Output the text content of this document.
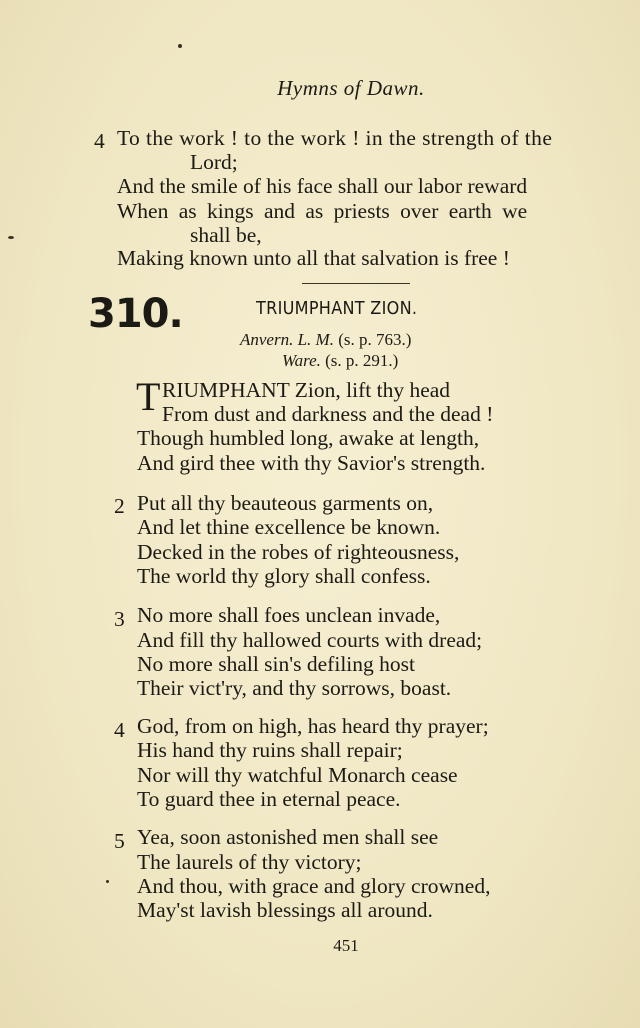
Hymns of Dawn.
4 To the work ! to the work ! in the strength of the
Lord;
And the smile of his face shall our labor reward
When as kings and as priests over earth we
shall be,
Making known unto all that salvation is free !
310.	TRIUMPHANT ZION.
Anvern. L. M. (s. p. 763.)
Ware. (s. p. 291.)
T RIUMPHANT Zion, lift thy head
From dust and darkness and the dead !
Though humbled long, awake at length,
And gird thee with thy Savior's strength.
2 Put all thy beauteous garments on,
And let thine excellence be known.
Decked in the robes of righteousness,
The world thy glory shall confess.
3 No more shall foes unclean invade,
And fill thy hallowed courts with dread;
No more shall sin's defiling host
Their vict'ry, and thy sorrows, boast.
4 God, from on high, has heard thy prayer;
His hand thy ruins shall repair;
Nor will thy watchful Monarch cease
To guard thee in eternal peace.
5 Yea, soon astonished men shall see
The laurels of thy victory;
And thou, with grace and glory crowned,
May'st lavish blessings all around.
451
